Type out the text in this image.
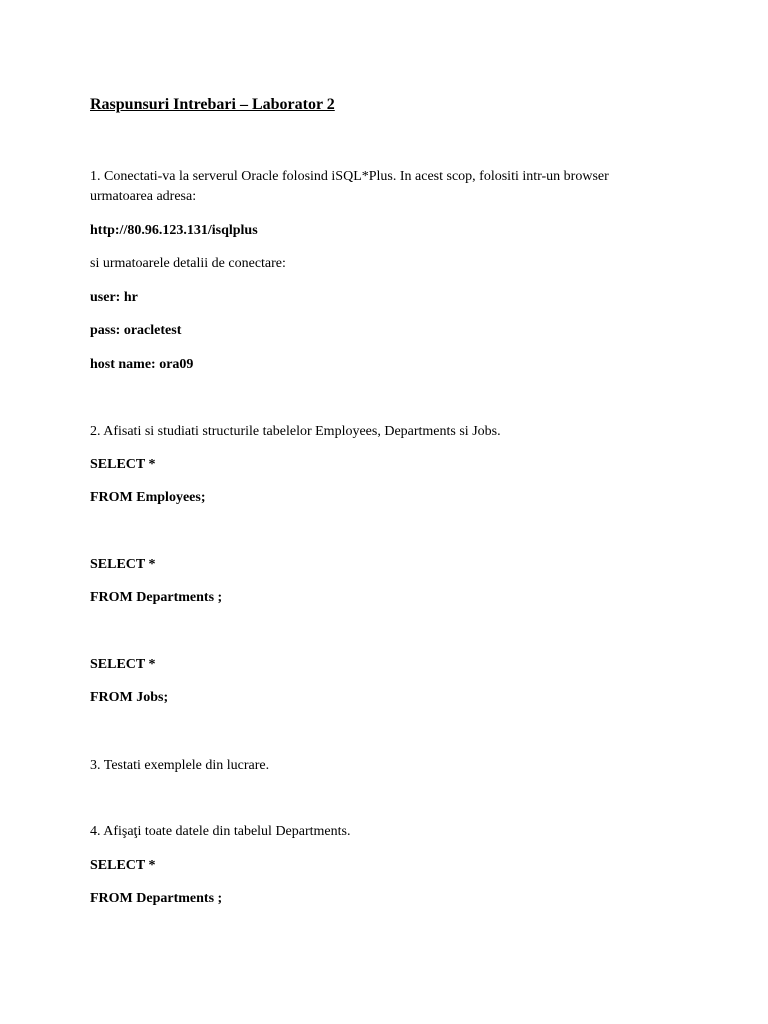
Raspunsuri Intrebari – Laborator 2
1. Conectati-va la serverul Oracle folosind iSQL*Plus. In acest scop, folositi intr-un browser
urmatoarea adresa:
http://80.96.123.131/isqlplus
si urmatoarele detalii de conectare:
user: hr
pass: oracletest
host name: ora09
2. Afisati si studiati structurile tabelelor Employees, Departments si Jobs.
SELECT *
FROM Employees;
SELECT *
FROM Departments ;
SELECT *
FROM Jobs;
3. Testati exemplele din lucrare.
4. Afişaţi toate datele din tabelul Departments.
SELECT *
FROM Departments ;
